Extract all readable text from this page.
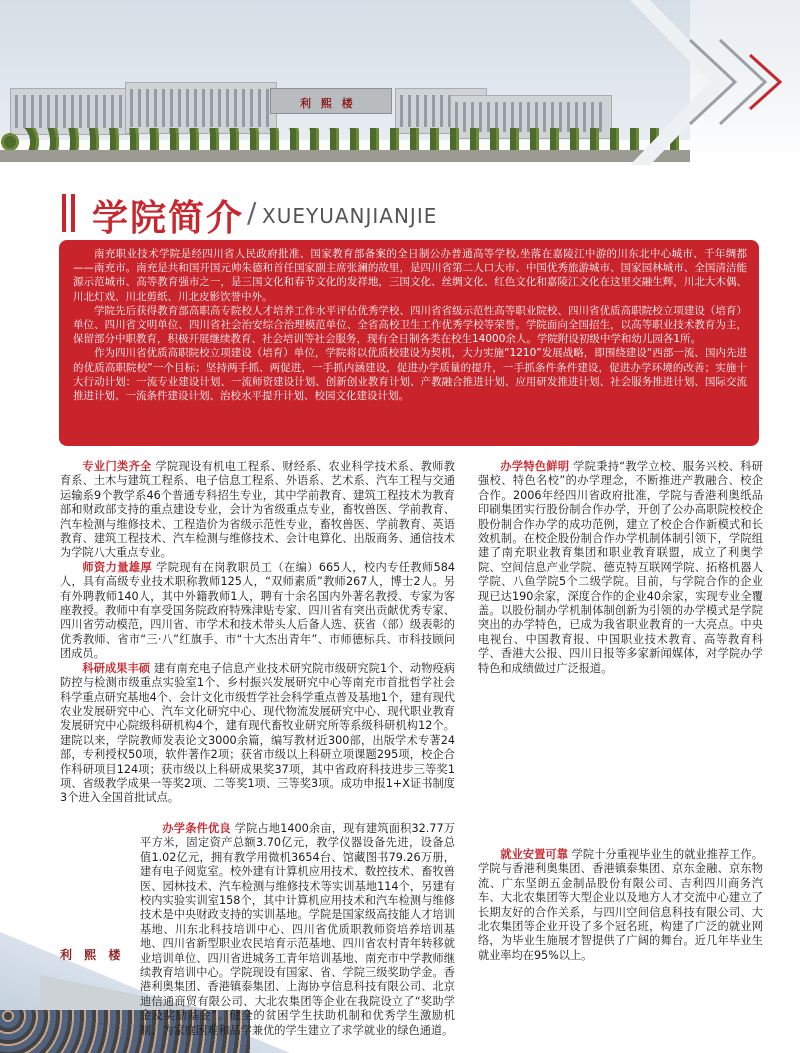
利 熙 楼
学院简介 / XUEYUANJIANJIE

南充职业技术学院是经四川省人民政府批准、国家教育部备案的全日制公办普通高等学校,坐落在嘉陵江中游的川东北中心城市、千年绸都——南充市。南充是共和国开国元帅朱德和首任国家副主席张澜的故里，是四川省第二人口大市、中国优秀旅游城市、国家园林城市、全国清洁能源示范城市、高等教育强市之一，是三国文化和春节文化的发祥地，三国文化、丝绸文化、红色文化和嘉陵江文化在这里交融生辉，川北大木偶、川北灯戏、川北剪纸、川北皮影饮誉中外。

学院先后获得教育部高职高专院校人才培养工作水平评估优秀学校、四川省省级示范性高等职业院校、四川省优质高职院校立项建设（培育）单位、四川省文明单位、四川省社会治安综合治理模范单位、全省高校卫生工作优秀学校等荣誉。学院面向全国招生，以高等职业技术教育为主，保留部分中职教育，积极开展继续教育、社会培训等社会服务，现有全日制各类在校生14000余人。学院附设初级中学和幼儿园各1所。

作为四川省优质高职院校立项建设（培育）单位，学院将以优质校建设为契机，大力实施“1210”发展战略，即围绕建设“西部一流、国内先进的优质高职院校”一个目标；坚持两手抓、两促进，一手抓内涵建设，促进办学质量的提升，一手抓条件条件建设，促进办学环境的改善；实施十大行动计划：一流专业建设计划、一流师资建设计划、创新创业教育计划、产教融合推进计划、应用研发推进计划、社会服务推进计划、国际交流推进计划、一流条件建设计划、治校水平提升计划、校园文化建设计划。

专业门类齐全 学院现设有机电工程系、财经系、农业科学技术系、教师教育系、土木与建筑工程系、电子信息工程系、外语系、艺术系、汽车工程与交通运输系9个教学系46个普通专科招生专业，其中学前教育、建筑工程技术为教育部和财政部支持的重点建设专业，会计为省级重点专业，畜牧兽医、学前教育、汽车检测与维修技术、工程造价为省级示范性专业，畜牧兽医、学前教育、英语教育、建筑工程技术、汽车检测与维修技术、会计电算化、出版商务、通信技术为学院八大重点专业。

师资力量雄厚 学院现有在岗教职员工（在编）665人，校内专任教师584人，具有高级专业技术职称教师125人，“双师素质”教师267人，博士2人。另有外聘教师140人，其中外籍教师1人，聘有十余名国内外著名教授、专家为客座教授。教师中有享受国务院政府特殊津贴专家、四川省有突出贡献优秀专家、四川省劳动模范，四川省、市学术和技术带头人后备人选、获省（部）级表彰的优秀教师、省市“三·八”红旗手、市“十大杰出青年”、市师德标兵、市科技顾问团成员。

科研成果丰硕 建有南充电子信息产业技术研究院市级研究院1个、动物疫病防控与检测市级重点实验室1个、乡村振兴发展研究中心等南充市首批哲学社会科学重点研究基地4个、会计文化市级哲学社会科学重点普及基地1个，建有现代农业发展研究中心、汽车文化研究中心、现代物流发展研究中心、现代职业教育发展研究中心院级科研机构4个，建有现代畜牧业研究所等系级科研机构12个。建院以来，学院教师发表论文3000余篇，编写教材近300部，出版学术专著24部，专利授权50项，软件著作2项；获省市级以上科研立项课题295项，校企合作科研项目124项；获市级以上科研成果奖37项，其中省政府科技进步三等奖1项、省级教学成果一等奖2项、二等奖1项、三等奖3项。成功申报1+X证书制度3个进入全国首批试点。

利 熙 楼

办学条件优良 学院占地1400余亩，现有建筑面积32.77万平方米，固定资产总额3.70亿元，教学仪器设备先进，设备总值1.02亿元，拥有教学用微机3654台、馆藏图书79.26万册，建有电子阅览室。校外建有计算机应用技术、数控技术、畜牧兽医、园林技术、汽车检测与维修技术等实训基地114个，另建有校内实验实训室158个，其中计算机应用技术和汽车检测与维修技术是中央财政支持的实训基地。学院是国家级高技能人才培训基地、川东北科技培训中心、四川省优质职教师资培养培训基地、四川省新型职业农民培育示范基地、四川省农村青年转移就业培训单位、四川省进城务工青年培训基地、南充市中学教师继续教育培训中心。学院现设有国家、省、学院三级奖助学金。香港利奥集团、香港镇泰集团、上海协亨信息科技有限公司、北京迪信通商贸有限公司、大北农集团等企业在我院设立了“奖助学金及奖励基金”。健全的贫困学生扶助机制和优秀学生激励机制，为家庭困难和品学兼优的学生建立了求学就业的绿色通道。

办学特色鲜明 学院秉持“教学立校、服务兴校、科研强校、特色名校”的办学理念，不断推进产教融合、校企合作。2006年经四川省政府批准，学院与香港利奥纸品印刷集团实行股份制合作办学，开创了公办高职院校校企股份制合作办学的成功范例，建立了校企合作新模式和长效机制。在校企股份制合作办学机制体制引领下，学院组建了南充职业教育集团和职业教育联盟，成立了利奥学院、空间信息产业学院、德克特互联网学院、拓格机器人学院、八鱼学院5个二级学院。目前，与学院合作的企业现已达190余家，深度合作的企业40余家，实现专业全覆盖。以股份制办学机制体制创新为引领的办学模式是学院突出的办学特色，已成为我省职业教育的一大亮点。中央电视台、中国教育报、中国职业技术教育、高等教育科学、香港大公报、四川日报等多家新闻媒体，对学院办学特色和成绩做过广泛报道。

就业安置可靠 学院十分重视毕业生的就业推荐工作。学院与香港利奥集团、香港镇泰集团、京东金融、京东物流、广东坚朗五金制品股份有限公司、吉利四川商务汽车、大北农集团等大型企业以及地方人才交流中心建立了长期友好的合作关系，与四川空间信息科技有限公司、大北农集团等企业开设了多个冠名班，构建了广泛的就业网络，为毕业生施展才智提供了广阔的舞台。近几年毕业生就业率均在95%以上。
